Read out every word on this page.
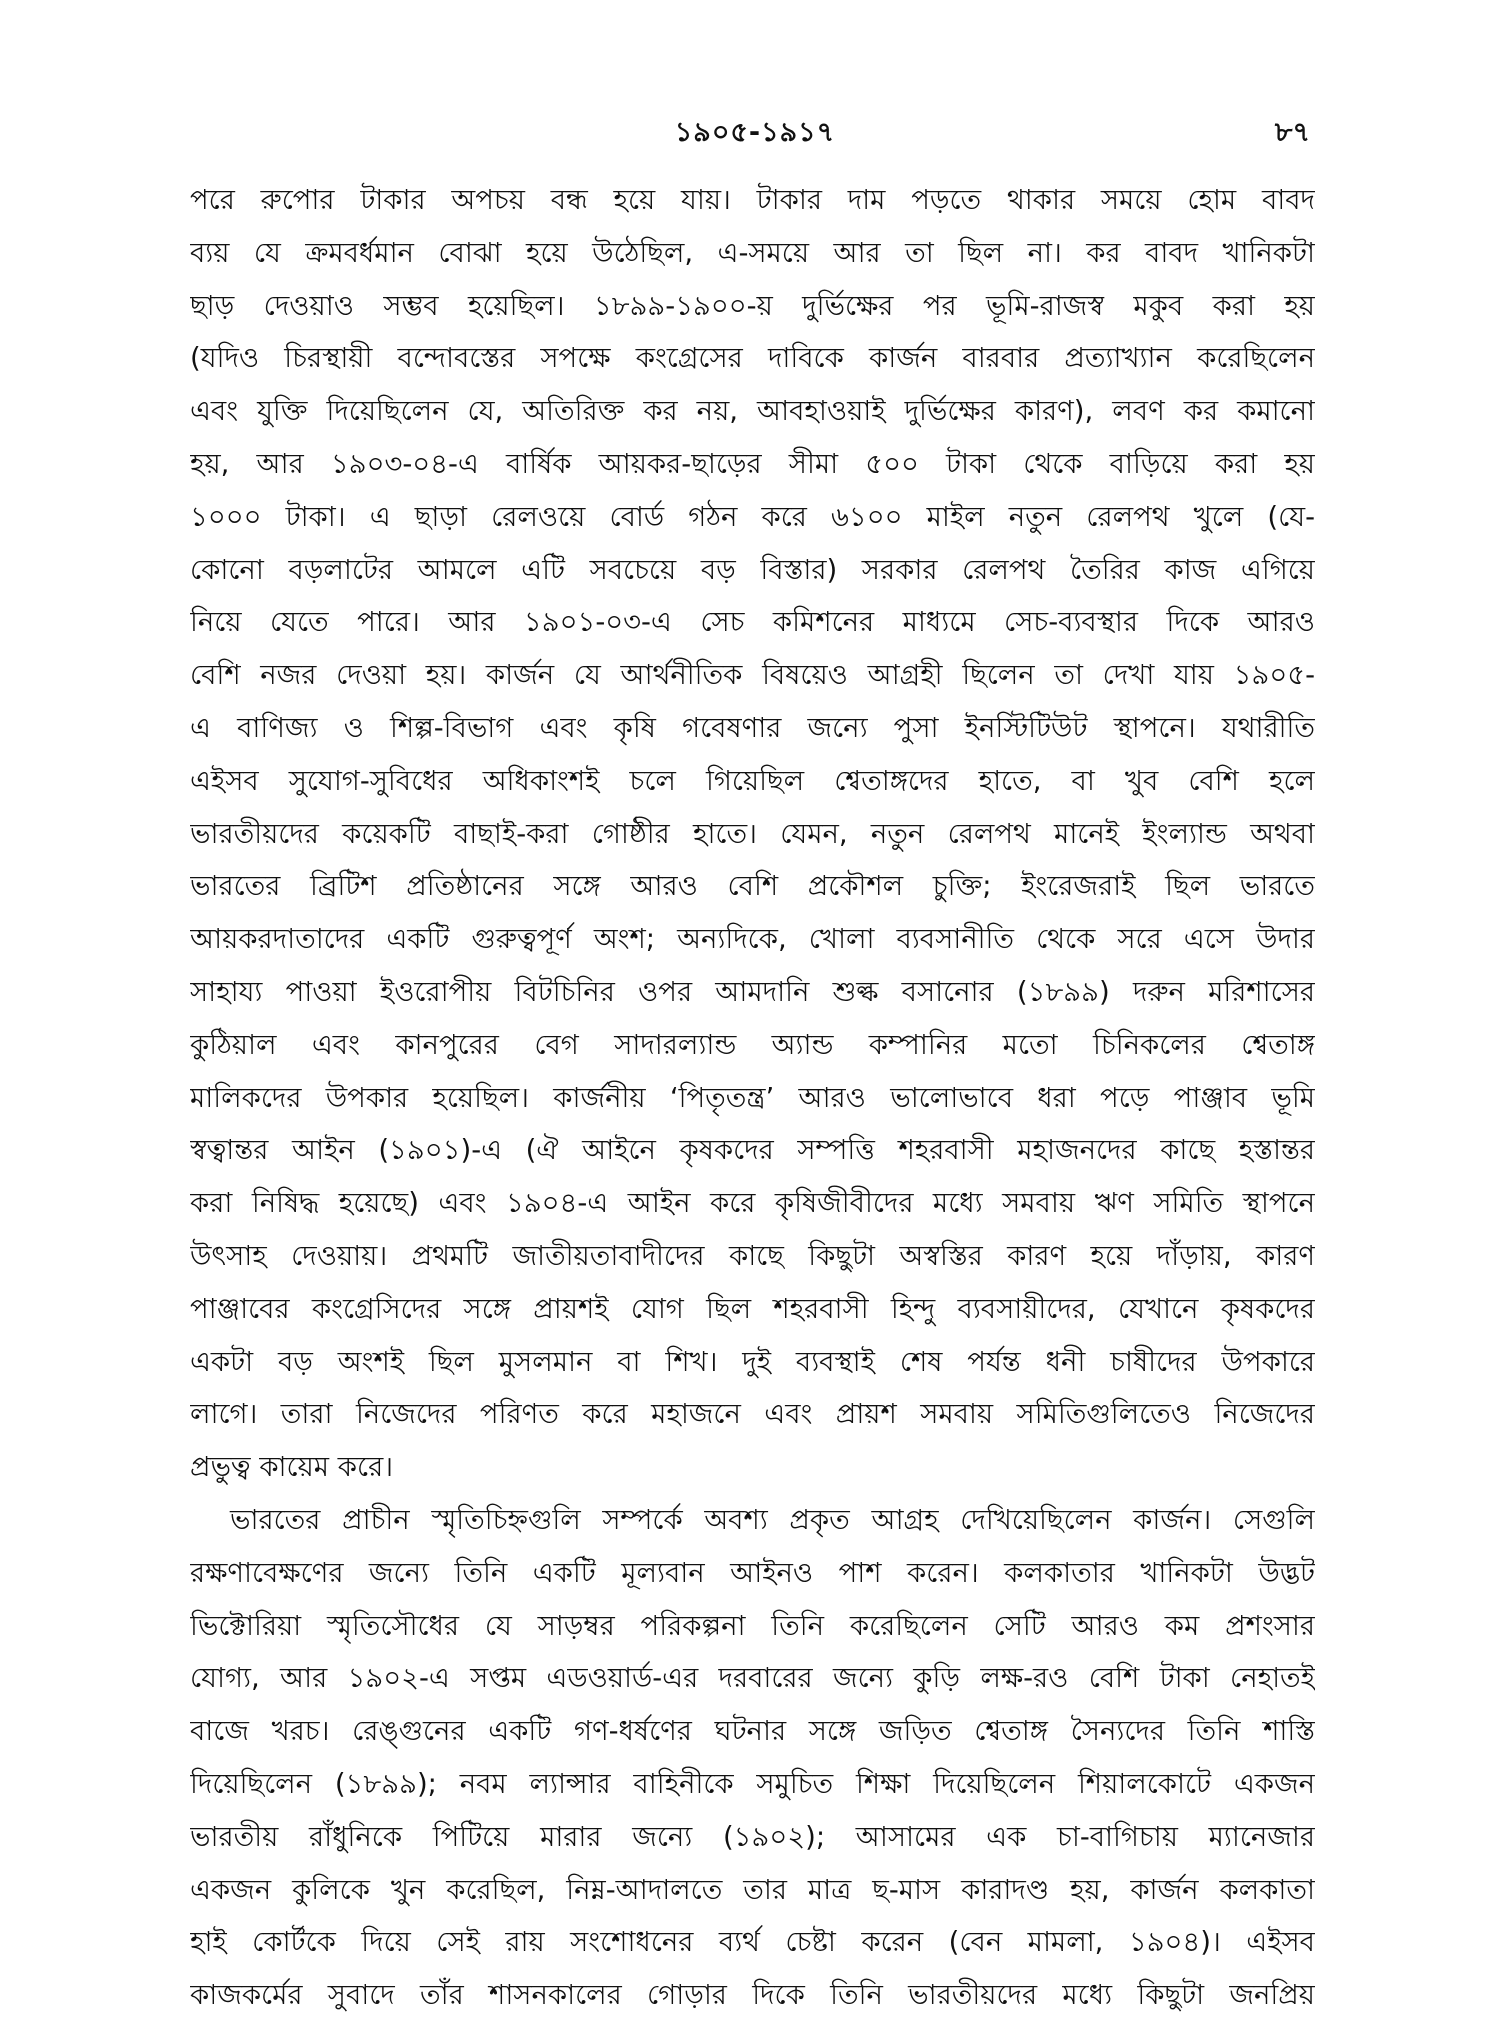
১৯০৫-১৯১৭	৮৭
পরে রুপোর টাকার অপচয় বন্ধ হয়ে যায়। টাকার দাম পড়তে থাকার সময়ে হোম বাবদ
ব্যয় যে ক্রমবর্ধমান বোঝা হয়ে উঠেছিল, এ-সময়ে আর তা ছিল না। কর বাবদ খানিকটা
ছাড় দেওয়াও সম্ভব হয়েছিল। ১৮৯৯-১৯০০-য় দুর্ভিক্ষের পর ভূমি-রাজস্ব মকুব করা হয়
(যদিও চিরস্থায়ী বন্দোবস্তের সপক্ষে কংগ্রেসের দাবিকে কার্জন বারবার প্রত্যাখ্যান করেছিলেন
এবং যুক্তি দিয়েছিলেন যে, অতিরিক্ত কর নয়, আবহাওয়াই দুর্ভিক্ষের কারণ), লবণ কর কমানো
হয়, আর ১৯০৩-০৪-এ বার্ষিক আয়কর-ছাড়ের সীমা ৫০০ টাকা থেকে বাড়িয়ে করা হয়
১০০০ টাকা। এ ছাড়া রেলওয়ে বোর্ড গঠন করে ৬১০০ মাইল নতুন রেলপথ খুলে (যে-
কোনো বড়লাটের আমলে এটি সবচেয়ে বড় বিস্তার) সরকার রেলপথ তৈরির কাজ এগিয়ে
নিয়ে যেতে পারে। আর ১৯০১-০৩-এ সেচ কমিশনের মাধ্যমে সেচ-ব্যবস্থার দিকে আরও
বেশি নজর দেওয়া হয়। কার্জন যে আর্থনীতিক বিষয়েও আগ্রহী ছিলেন তা দেখা যায় ১৯০৫-
এ বাণিজ্য ও শিল্প-বিভাগ এবং কৃষি গবেষণার জন্যে পুসা ইনস্টিটিউট স্থাপনে। যথারীতি
এইসব সুযোগ-সুবিধের অধিকাংশই চলে গিয়েছিল শ্বেতাঙ্গদের হাতে, বা খুব বেশি হলে
ভারতীয়দের কয়েকটি বাছাই-করা গোষ্ঠীর হাতে। যেমন, নতুন রেলপথ মানেই ইংল্যান্ড অথবা
ভারতের ব্রিটিশ প্রতিষ্ঠানের সঙ্গে আরও বেশি প্রকৌশল চুক্তি; ইংরেজরাই ছিল ভারতে
আয়করদাতাদের একটি গুরুত্বপূর্ণ অংশ; অন্যদিকে, খোলা ব্যবসানীতি থেকে সরে এসে উদার
সাহায্য পাওয়া ইওরোপীয় বিটচিনির ওপর আমদানি শুল্ক বসানোর (১৮৯৯) দরুন মরিশাসের
কুঠিয়াল এবং কানপুরের বেগ সাদারল্যান্ড অ্যান্ড কম্পানির মতো চিনিকলের শ্বেতাঙ্গ
মালিকদের উপকার হয়েছিল। কার্জনীয় ‘পিতৃতন্ত্র’ আরও ভালোভাবে ধরা পড়ে পাঞ্জাব ভূমি
স্বত্বান্তর আইন (১৯০১)-এ (ঐ আইনে কৃষকদের সম্পত্তি শহরবাসী মহাজনদের কাছে হস্তান্তর
করা নিষিদ্ধ হয়েছে) এবং ১৯০৪-এ আইন করে কৃষিজীবীদের মধ্যে সমবায় ঋণ সমিতি স্থাপনে
উৎসাহ দেওয়ায়। প্রথমটি জাতীয়তাবাদীদের কাছে কিছুটা অস্বস্তির কারণ হয়ে দাঁড়ায়, কারণ
পাঞ্জাবের কংগ্রেসিদের সঙ্গে প্রায়শই যোগ ছিল শহরবাসী হিন্দু ব্যবসায়ীদের, যেখানে কৃষকদের
একটা বড় অংশই ছিল মুসলমান বা শিখ। দুই ব্যবস্থাই শেষ পর্যন্ত ধনী চাষীদের উপকারে
লাগে। তারা নিজেদের পরিণত করে মহাজনে এবং প্রায়শ সমবায় সমিতিগুলিতেও নিজেদের
প্রভুত্ব কায়েম করে।
ভারতের প্রাচীন স্মৃতিচিহ্নগুলি সম্পর্কে অবশ্য প্রকৃত আগ্রহ দেখিয়েছিলেন কার্জন। সেগুলি
রক্ষণাবেক্ষণের জন্যে তিনি একটি মূল্যবান আইনও পাশ করেন। কলকাতার খানিকটা উদ্ভট
ভিক্টোরিয়া স্মৃতিসৌধের যে সাড়ম্বর পরিকল্পনা তিনি করেছিলেন সেটি আরও কম প্রশংসার
যোগ্য, আর ১৯০২-এ সপ্তম এডওয়ার্ড-এর দরবারের জন্যে কুড়ি লক্ষ-রও বেশি টাকা নেহাতই
বাজে খরচ। রেঙ্গুনের একটি গণ-ধর্ষণের ঘটনার সঙ্গে জড়িত শ্বেতাঙ্গ সৈন্যদের তিনি শাস্তি
দিয়েছিলেন (১৮৯৯); নবম ল্যান্সার বাহিনীকে সমুচিত শিক্ষা দিয়েছিলেন শিয়ালকোটে একজন
ভারতীয় রাঁধুনিকে পিটিয়ে মারার জন্যে (১৯০২); আসামের এক চা-বাগিচায় ম্যানেজার
একজন কুলিকে খুন করেছিল, নিম্ন-আদালতে তার মাত্র ছ-মাস কারাদণ্ড হয়, কার্জন কলকাতা
হাই কোর্টকে দিয়ে সেই রায় সংশোধনের ব্যর্থ চেষ্টা করেন (বেন মামলা, ১৯০৪)। এইসব
কাজকর্মের সুবাদে তাঁর শাসনকালের গোড়ার দিকে তিনি ভারতীয়দের মধ্যে কিছুটা জনপ্রিয়
